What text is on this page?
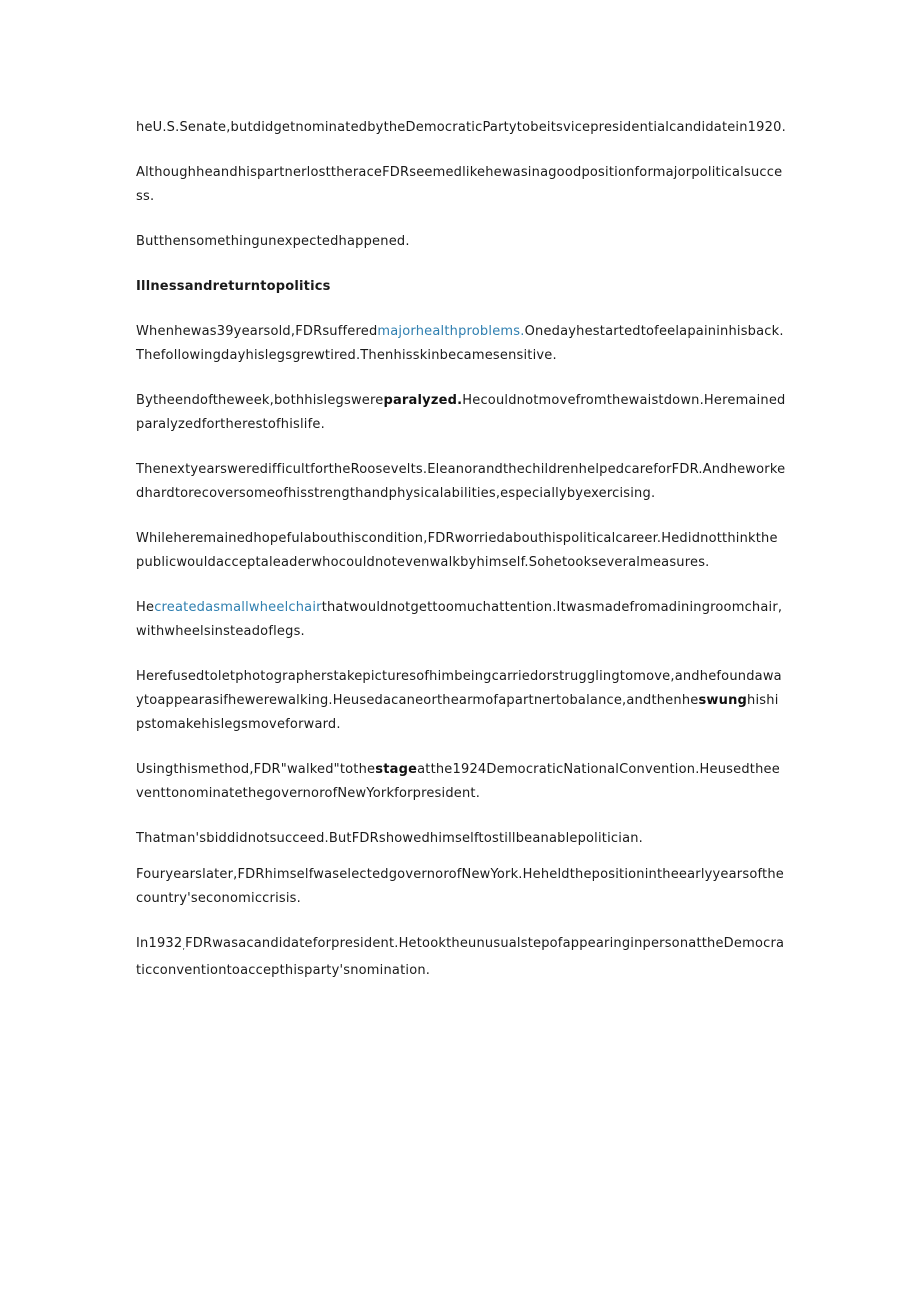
heU.S.Senate,butdidgetnominatedbytheDemocraticPartytobeitsvicepresidentialcandidatein1920.

AlthoughheandhispartnerlosttheraceFDRseemedlikehewasinagoodpositionformajorpoliticalsuccess.

Butthensomethingunexpectedhappened.

Illnessandreturntopolitics

Whenhewas39yearsold,FDRsufferedmajorhealthproblems.Onedayhestartedtofeelapaininhisback.Thefollowingdayhislegsgrewtired.Thenhisskinbecamesensitive.

Bytheendoftheweek,bothhislegswereparalyzed.Hecouldnotmovefromthewaistdown.Heremainedparalyzedfortherestofhislife.

ThenextyearsweredifficultfortheRoosevelts.EleanorandthechildrenhelpedcareforFDR.Andheworkedhardtorecoversomeofhisstrengthandphysicalabilities,especiallybyexercising.

Whileheremainedhopefulabouthiscondition,FDRworriedabouthispoliticalcareer.Hedidnotthinkthepublicwouldacceptaleaderwhocouldnotevenwalkbyhimself.Sohetookseveralmeasures.

Hecreatedasmallwheelchairthatwouldnotgettoomuchattention.Itwasmadefromadiningroomchair,withwheelsinsteadoflegs.

Herefusedtoletphotographerstakepicturesofhimbeingcarriedorstrugglingtomove,andhefoundawaytoappearasifhewerewalking.Heusedacaneorthearmofapartnertobalance,andthenheswunghishipstomakehislegsmoveforward.

Usingthismethod,FDR"walked"tothestageatthe1924DemocraticNationalConvention.HeusedtheeventtonominatethegovernorofNewYorkforpresident.

Thatman'sbiddidnotsucceed.ButFDRshowedhimselftostillbeanablepolitician.

Fouryearslater,FDRhimselfwaselectedgovernorofNewYork.Heheldthepositionintheearlyyearsofthecountry'seconomiccrisis.

$In1932_,FDRwasacandidateforpresident.HetooktheunusualstepofappearinginpersonattheDemocraticconventiontoaccepthisparty'sno$mination.
